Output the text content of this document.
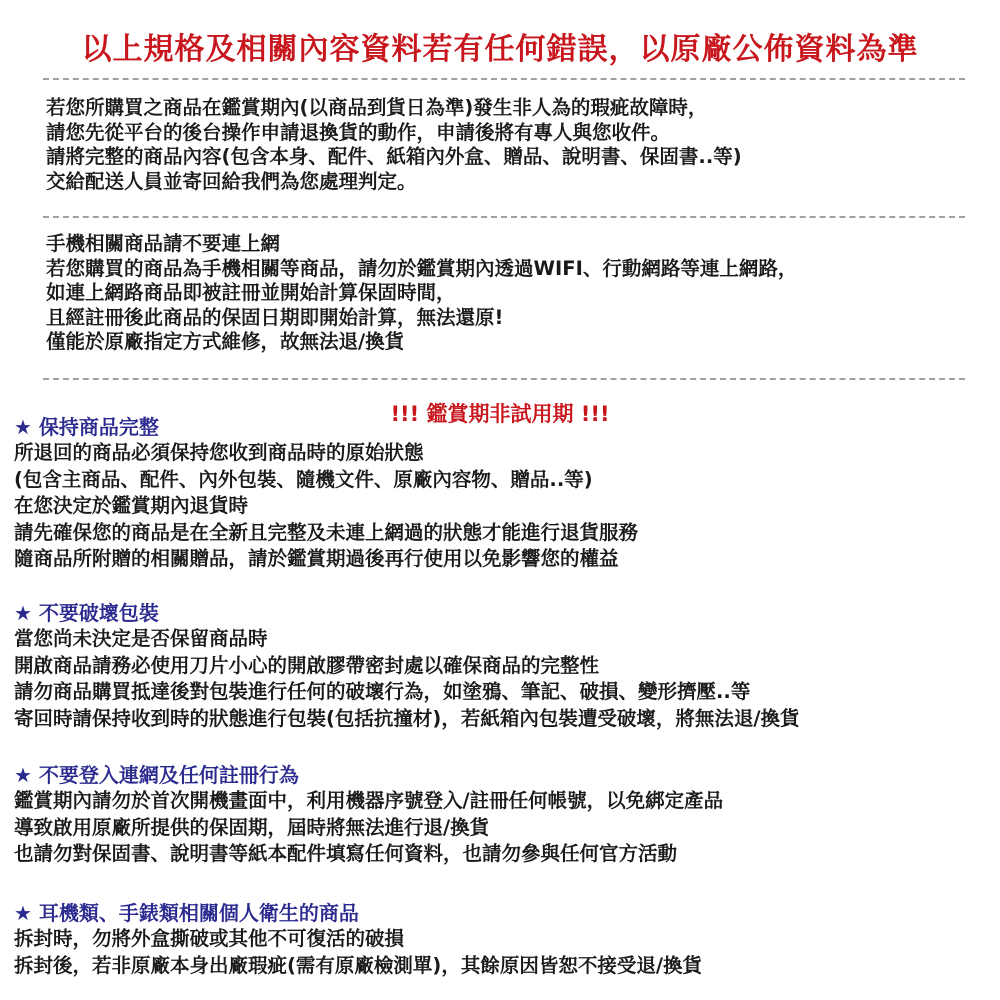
以上規格及相關內容資料若有任何錯誤，以原廠公佈資料為準
若您所購買之商品在鑑賞期內(以商品到貨日為準)發生非人為的瑕疵故障時，
請您先從平台的後台操作申請退換貨的動作，申請後將有專人與您收件。
請將完整的商品內容(包含本身、配件、紙箱內外盒、贈品、說明書、保固書..等)
交給配送人員並寄回給我們為您處理判定。
手機相關商品請不要連上網
若您購買的商品為手機相關等商品，請勿於鑑賞期內透過WIFI、行動網路等連上網路，
如連上網路商品即被註冊並開始計算保固時間，
且經註冊後此商品的保固日期即開始計算，無法還原!
僅能於原廠指定方式維修，故無法退/換貨
!!! 鑑賞期非試用期 !!!
★ 保持商品完整
所退回的商品必須保持您收到商品時的原始狀態
(包含主商品、配件、內外包裝、隨機文件、原廠內容物、贈品..等)
在您決定於鑑賞期內退貨時
請先確保您的商品是在全新且完整及未連上網過的狀態才能進行退貨服務
隨商品所附贈的相關贈品，請於鑑賞期過後再行使用以免影響您的權益
★ 不要破壞包裝
當您尚未決定是否保留商品時
開啟商品請務必使用刀片小心的開啟膠帶密封處以確保商品的完整性
請勿商品購買抵達後對包裝進行任何的破壞行為，如塗鴉、筆記、破損、變形擠壓..等
寄回時請保持收到時的狀態進行包裝(包括抗撞材)，若紙箱內包裝遭受破壞，將無法退/換貨
★ 不要登入連網及任何註冊行為
鑑賞期內請勿於首次開機畫面中，利用機器序號登入/註冊任何帳號，以免綁定產品
導致啟用原廠所提供的保固期，屆時將無法進行退/換貨
也請勿對保固書、說明書等紙本配件填寫任何資料，也請勿參與任何官方活動
★ 耳機類、手錶類相關個人衛生的商品
拆封時，勿將外盒撕破或其他不可復活的破損
拆封後，若非原廠本身出廠瑕疵(需有原廠檢測單)，其餘原因皆恕不接受退/換貨
